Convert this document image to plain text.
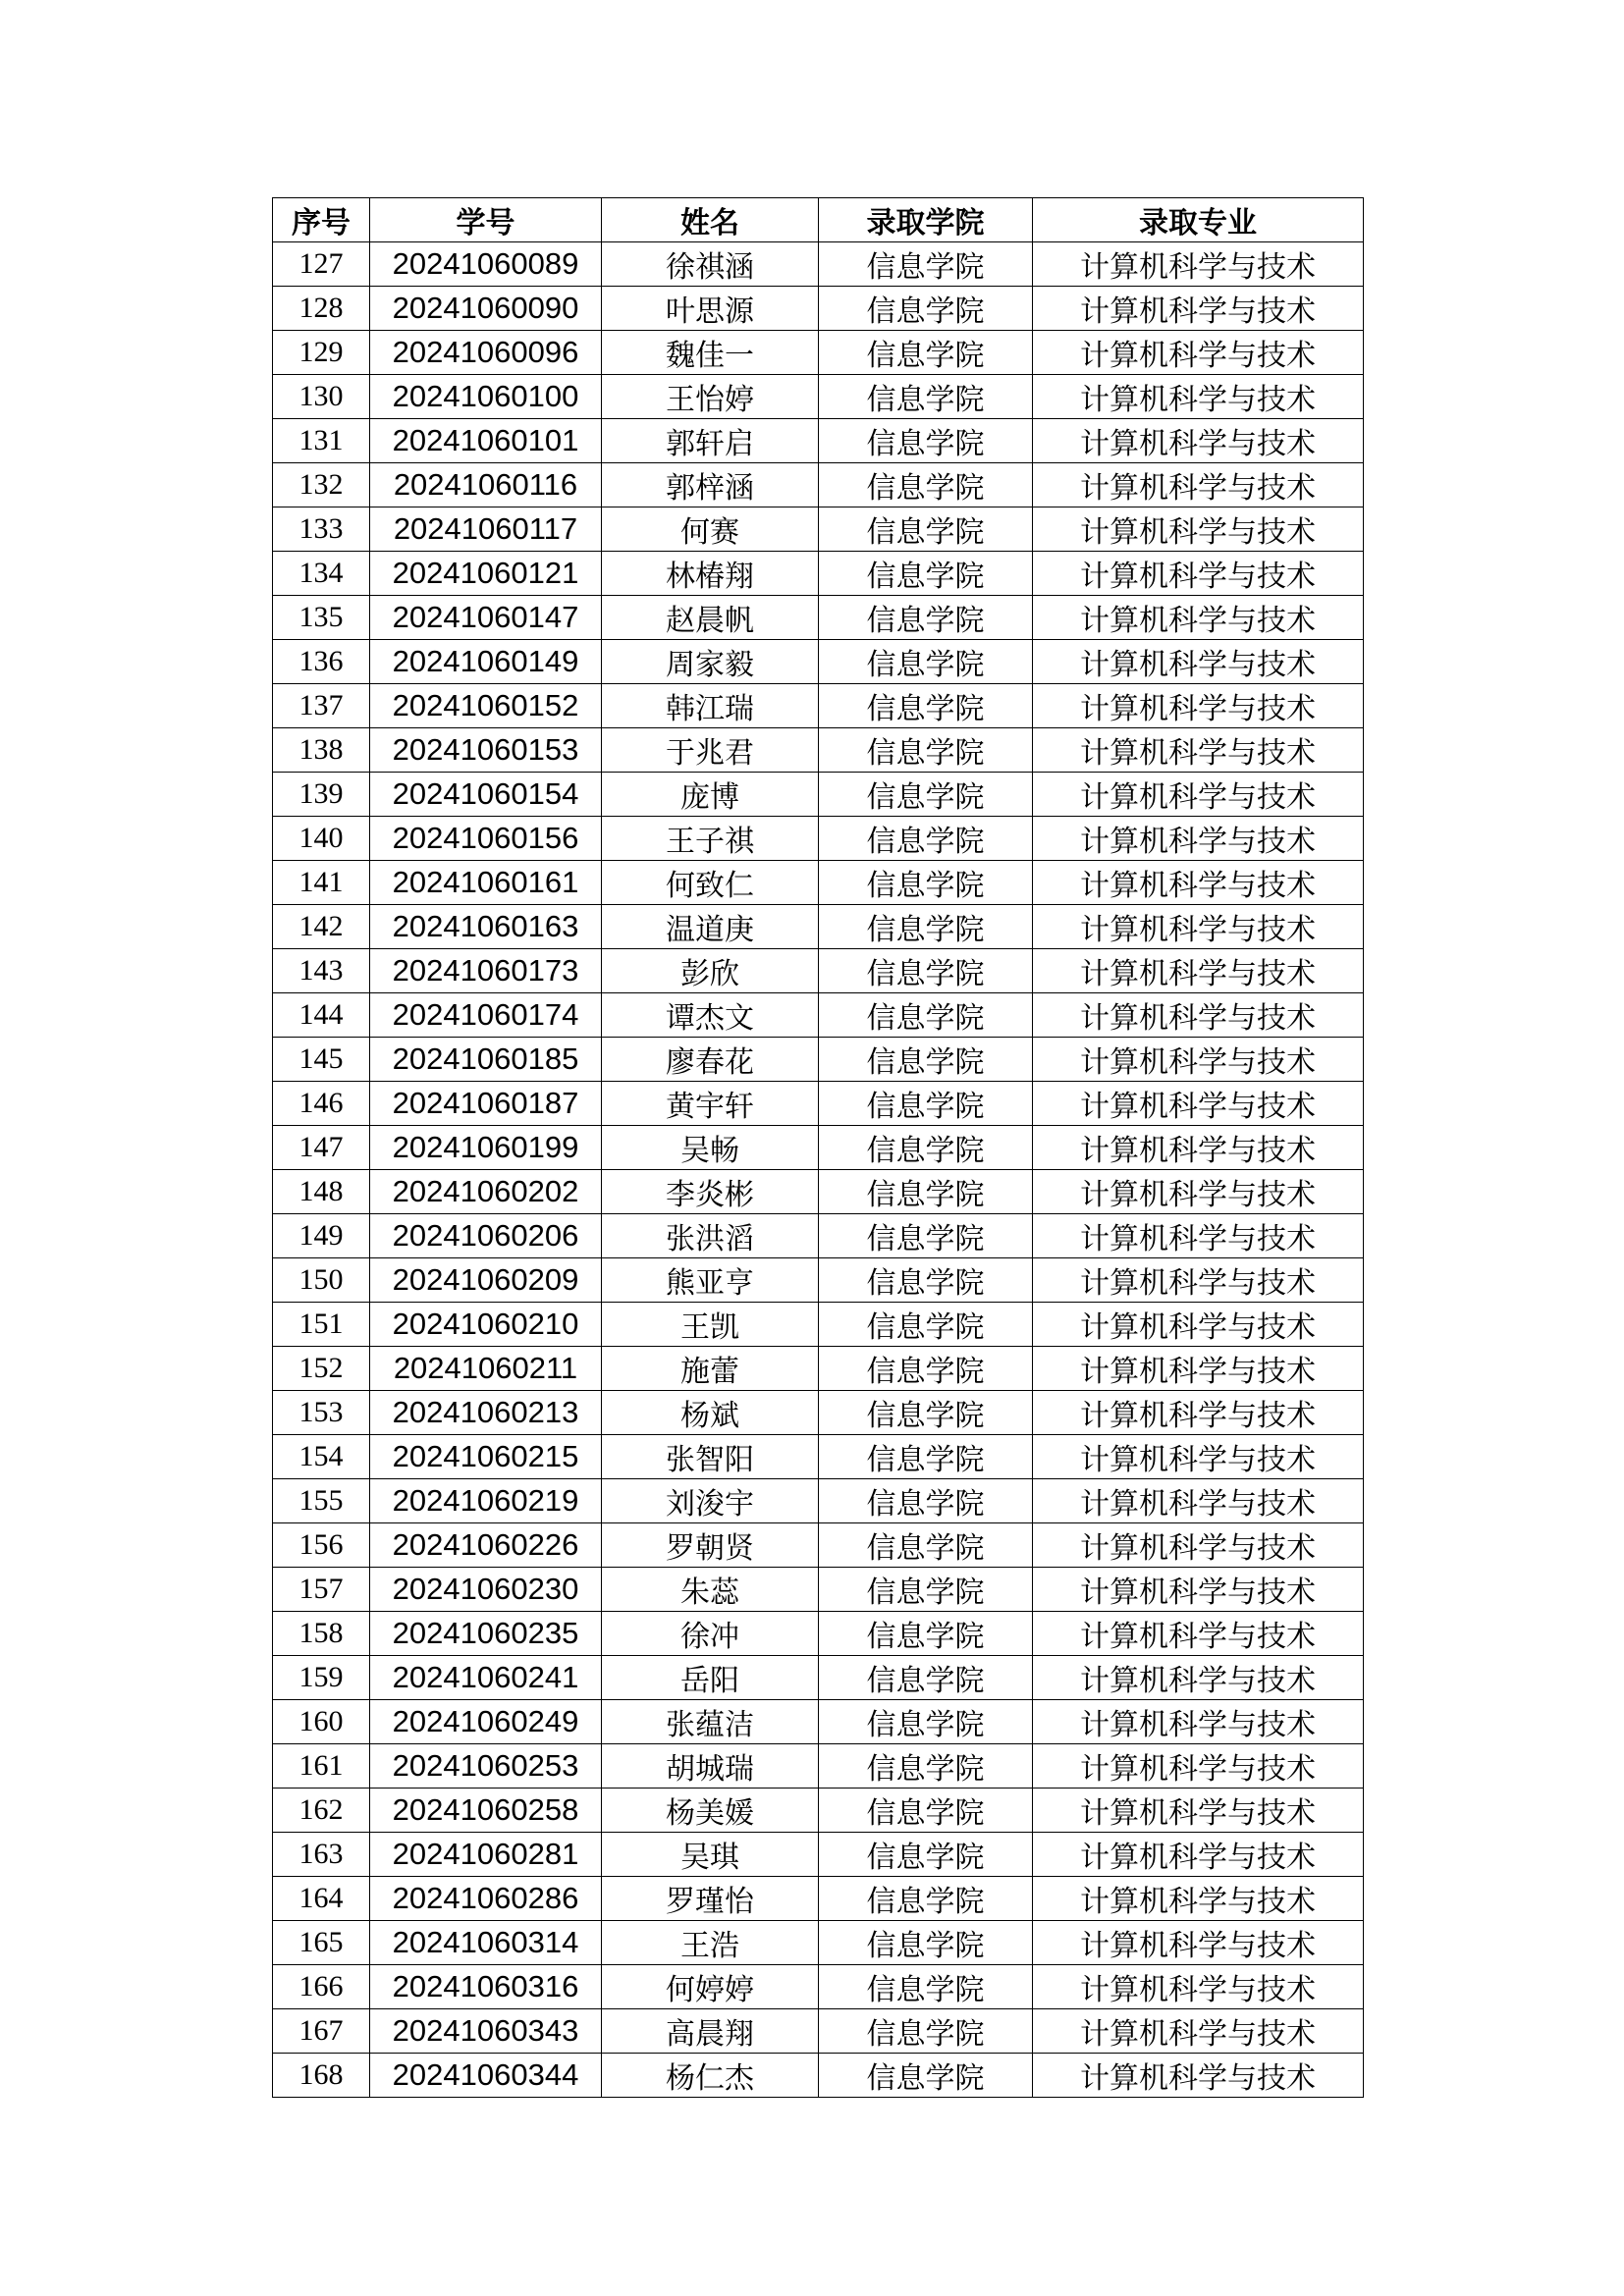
序号	学号	姓名	录取学院	录取专业
127	20241060089	徐祺涵	信息学院	计算机科学与技术
128	20241060090	叶思源	信息学院	计算机科学与技术
129	20241060096	魏佳一	信息学院	计算机科学与技术
130	20241060100	王怡婷	信息学院	计算机科学与技术
131	20241060101	郭轩启	信息学院	计算机科学与技术
132	20241060116	郭梓涵	信息学院	计算机科学与技术
133	20241060117	何赛	信息学院	计算机科学与技术
134	20241060121	林椿翔	信息学院	计算机科学与技术
135	20241060147	赵晨帆	信息学院	计算机科学与技术
136	20241060149	周家毅	信息学院	计算机科学与技术
137	20241060152	韩江瑞	信息学院	计算机科学与技术
138	20241060153	于兆君	信息学院	计算机科学与技术
139	20241060154	庞博	信息学院	计算机科学与技术
140	20241060156	王子祺	信息学院	计算机科学与技术
141	20241060161	何致仁	信息学院	计算机科学与技术
142	20241060163	温道庚	信息学院	计算机科学与技术
143	20241060173	彭欣	信息学院	计算机科学与技术
144	20241060174	谭杰文	信息学院	计算机科学与技术
145	20241060185	廖春花	信息学院	计算机科学与技术
146	20241060187	黄宇轩	信息学院	计算机科学与技术
147	20241060199	吴畅	信息学院	计算机科学与技术
148	20241060202	李炎彬	信息学院	计算机科学与技术
149	20241060206	张洪滔	信息学院	计算机科学与技术
150	20241060209	熊亚亨	信息学院	计算机科学与技术
151	20241060210	王凯	信息学院	计算机科学与技术
152	20241060211	施蕾	信息学院	计算机科学与技术
153	20241060213	杨斌	信息学院	计算机科学与技术
154	20241060215	张智阳	信息学院	计算机科学与技术
155	20241060219	刘浚宇	信息学院	计算机科学与技术
156	20241060226	罗朝贤	信息学院	计算机科学与技术
157	20241060230	朱蕊	信息学院	计算机科学与技术
158	20241060235	徐冲	信息学院	计算机科学与技术
159	20241060241	岳阳	信息学院	计算机科学与技术
160	20241060249	张蕴洁	信息学院	计算机科学与技术
161	20241060253	胡城瑞	信息学院	计算机科学与技术
162	20241060258	杨美媛	信息学院	计算机科学与技术
163	20241060281	吴琪	信息学院	计算机科学与技术
164	20241060286	罗瑾怡	信息学院	计算机科学与技术
165	20241060314	王浩	信息学院	计算机科学与技术
166	20241060316	何婷婷	信息学院	计算机科学与技术
167	20241060343	高晨翔	信息学院	计算机科学与技术
168	20241060344	杨仁杰	信息学院	计算机科学与技术
